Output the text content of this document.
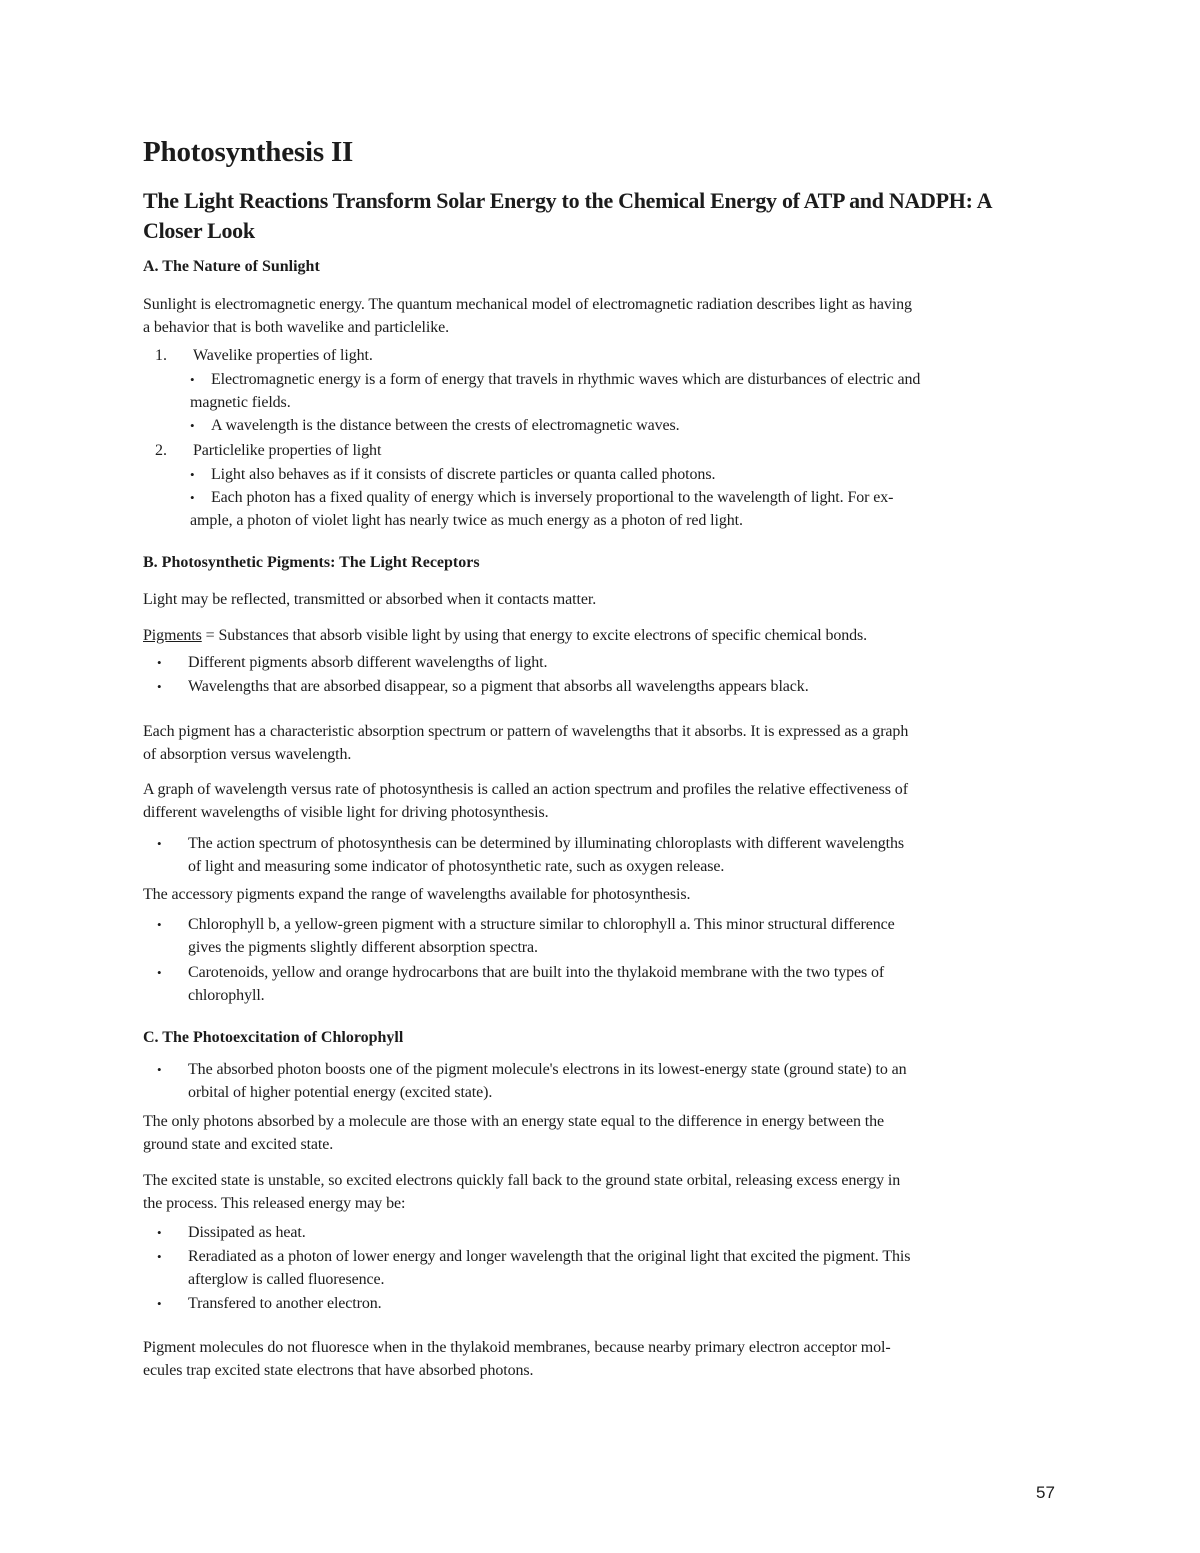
Photosynthesis II
The Light Reactions Transform Solar Energy to the Chemical Energy of ATP and NADPH: A Closer Look
A. The Nature of Sunlight

Sunlight is electromagnetic energy. The quantum mechanical model of electromagnetic radiation describes light as having

a behavior that is both wavelike and particlelike.

1. Wavelike properties of light.

• Electromagnetic energy is a form of energy that travels in rhythmic waves which are disturbances of electric and

magnetic fields.

• A wavelength is the distance between the crests of electromagnetic waves.

2. Particlelike properties of light

• Light also behaves as if it consists of discrete particles or quanta called photons.

• Each photon has a fixed quality of energy which is inversely proportional to the wavelength of light. For ex-

ample, a photon of violet light has nearly twice as much energy as a photon of red light.

B. Photosynthetic Pigments: The Light Receptors

Light may be reflected, transmitted or absorbed when it contacts matter.

Pigments = Substances that absorb visible light by using that energy to excite electrons of specific chemical bonds.

• Different pigments absorb different wavelengths of light.

• Wavelengths that are absorbed disappear, so a pigment that absorbs all wavelengths appears black.

Each pigment has a characteristic absorption spectrum or pattern of wavelengths that it absorbs. It is expressed as a graph

of absorption versus wavelength.

A graph of wavelength versus rate of photosynthesis is called an action spectrum and profiles the relative effectiveness of

different wavelengths of visible light for driving photosynthesis.

• The action spectrum of photosynthesis can be determined by illuminating chloroplasts with different wavelengths

of light and measuring some indicator of photosynthetic rate, such as oxygen release.

The accessory pigments expand the range of wavelengths available for photosynthesis.

• Chlorophyll b, a yellow-green pigment with a structure similar to chlorophyll a. This minor structural difference

gives the pigments slightly different absorption spectra.

• Carotenoids, yellow and orange hydrocarbons that are built into the thylakoid membrane with the two types of

chlorophyll.

C. The Photoexcitation of Chlorophyll
• The absorbed photon boosts one of the pigment molecule's electrons in its lowest-energy state (ground state) to an

orbital of higher potential energy (excited state).

The only photons absorbed by a molecule are those with an energy state equal to the difference in energy between the

ground state and excited state.

The excited state is unstable, so excited electrons quickly fall back to the ground state orbital, releasing excess energy in

the process. This released energy may be:

• Dissipated as heat.

• Reradiated as a photon of lower energy and longer wavelength that the original light that excited the pigment. This

afterglow is called fluoresence.

• Transfered to another electron.

Pigment molecules do not fluoresce when in the thylakoid membranes, because nearby primary electron acceptor mol-

ecules trap excited state electrons that have absorbed photons.

57
